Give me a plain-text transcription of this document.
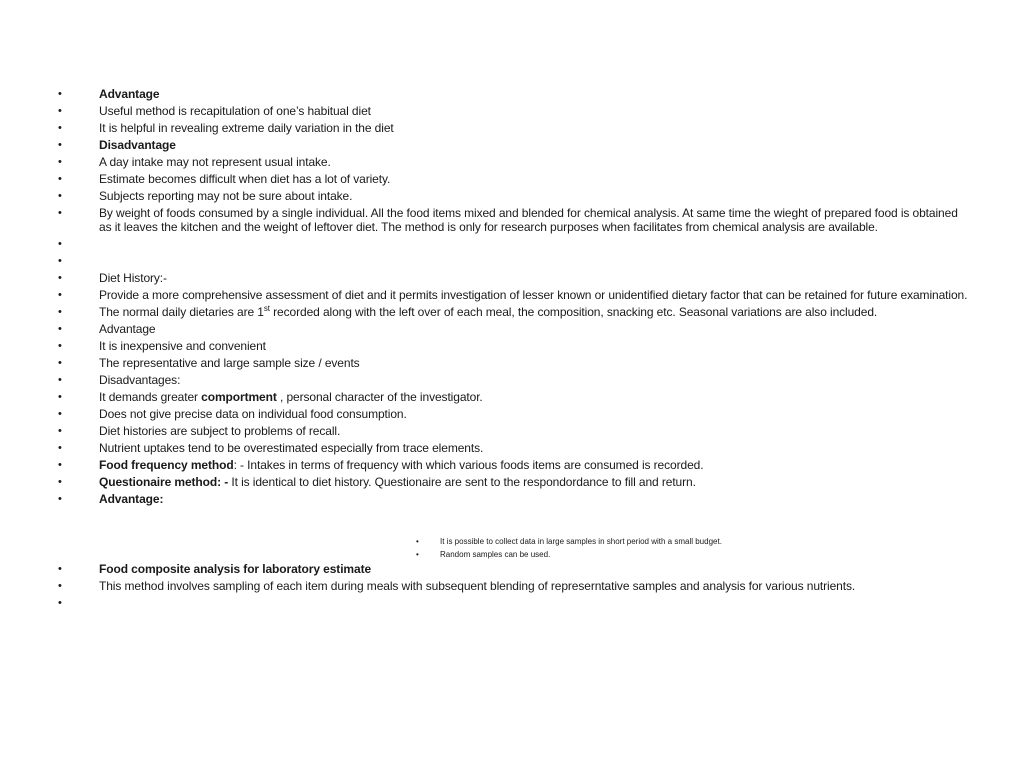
•	Advantage
•	Useful method is recapitulation of one’s habitual diet
•	It is helpful in revealing extreme daily variation in the diet
•	Disadvantage
•	A day intake may not represent usual intake.
•	Estimate becomes difficult when diet has a lot of variety.
•	Subjects reporting may not be sure about intake.
•	By weight of foods consumed by a single individual. All the food items mixed and blended for chemical analysis. At same time the wieght of prepared food is obtained as it leaves the kitchen and the weight of leftover diet. The method is only for research purposes when facilitates from chemical analysis are available.
•
•
•	Diet History:-
•	Provide a more comprehensive assessment of diet and it permits investigation of lesser known or unidentified dietary factor that can be retained for future examination.
•	The normal daily dietaries are 1st recorded along with the left over of each meal, the composition, snacking etc. Seasonal variations are also included.
•	Advantage
•	It is inexpensive and convenient
•	The representative and large sample size / events
•	Disadvantages:
•	It demands greater comportment , personal character of the investigator.
•	Does not give precise data on individual food consumption.
•	Diet histories are subject to problems of recall.
•	Nutrient uptakes tend to be overestimated especially from trace elements.
•	Food frequency method: - Intakes in terms of frequency with which various foods items are consumed is recorded.
•	Questionaire method: - It is identical to diet history. Questionaire are sent to the respondordance to fill and return.
•	Advantage:
•	It is possible to collect data in large samples in short period with a small budget.
•	Random samples can be used.
•	Food composite analysis for laboratory estimate
•	This method involves sampling of each item during meals with subsequent blending of represerntative samples and analysis for various nutrients.
•
